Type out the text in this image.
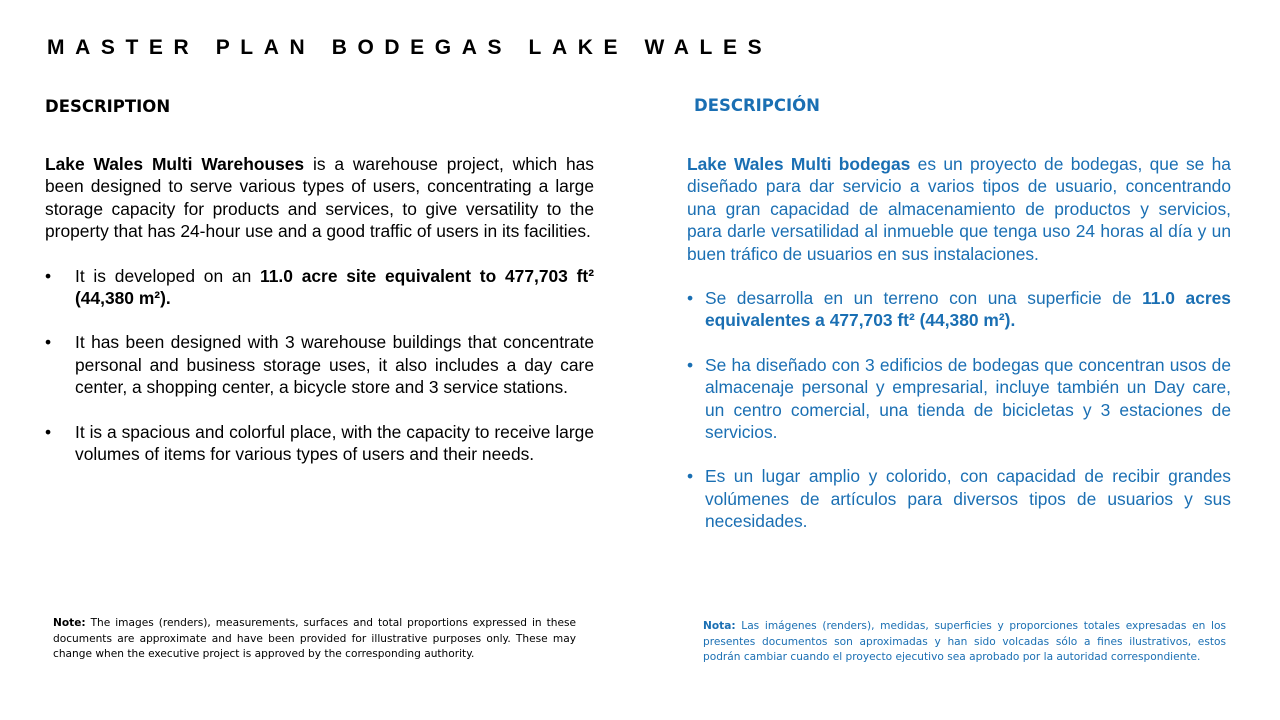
MASTER PLAN BODEGAS LAKE WALES
DESCRIPTION

Lake Wales Multi Warehouses is a warehouse project, which has been designed to serve various types of users, concentrating a large storage capacity for products and services, to give versatility to the property that has 24-hour use and a good traffic of users in its facilities.

• It is developed on an 11.0 acre site equivalent to 477,703 ft² (44,380 m²).
• It has been designed with 3 warehouse buildings that concentrate personal and business storage uses, it also includes a day care center, a shopping center, a bicycle store and 3 service stations.
• It is a spacious and colorful place, with the capacity to receive large volumes of items for various types of users and their needs.
Note: The images (renders), measurements, surfaces and total proportions expressed in these documents are approximate and have been provided for illustrative purposes only. These may change when the executive project is approved by the corresponding authority.
DESCRIPCIÓN

Lake Wales Multi bodegas es un proyecto de bodegas, que se ha diseñado para dar servicio a varios tipos de usuario, concentrando una gran capacidad de almacenamiento de productos y servicios, para darle versatilidad al inmueble que tenga uso 24 horas al día y un buen tráfico de usuarios en sus instalaciones.

• Se desarrolla en un terreno con una superficie de 11.0 acres equivalentes a 477,703 ft² (44,380 m²).
• Se ha diseñado con 3 edificios de bodegas que concentran usos de almacenaje personal y empresarial, incluye también un Day care, un centro comercial, una tienda de bicicletas y 3 estaciones de servicios.
• Es un lugar amplio y colorido, con capacidad de recibir grandes volúmenes de artículos para diversos tipos de usuarios y sus necesidades.
Nota: Las imágenes (renders), medidas, superficies y proporciones totales expresadas en los presentes documentos son aproximadas y han sido volcadas sólo a fines ilustrativos, estos podrán cambiar cuando el proyecto ejecutivo sea aprobado por la autoridad correspondiente.
